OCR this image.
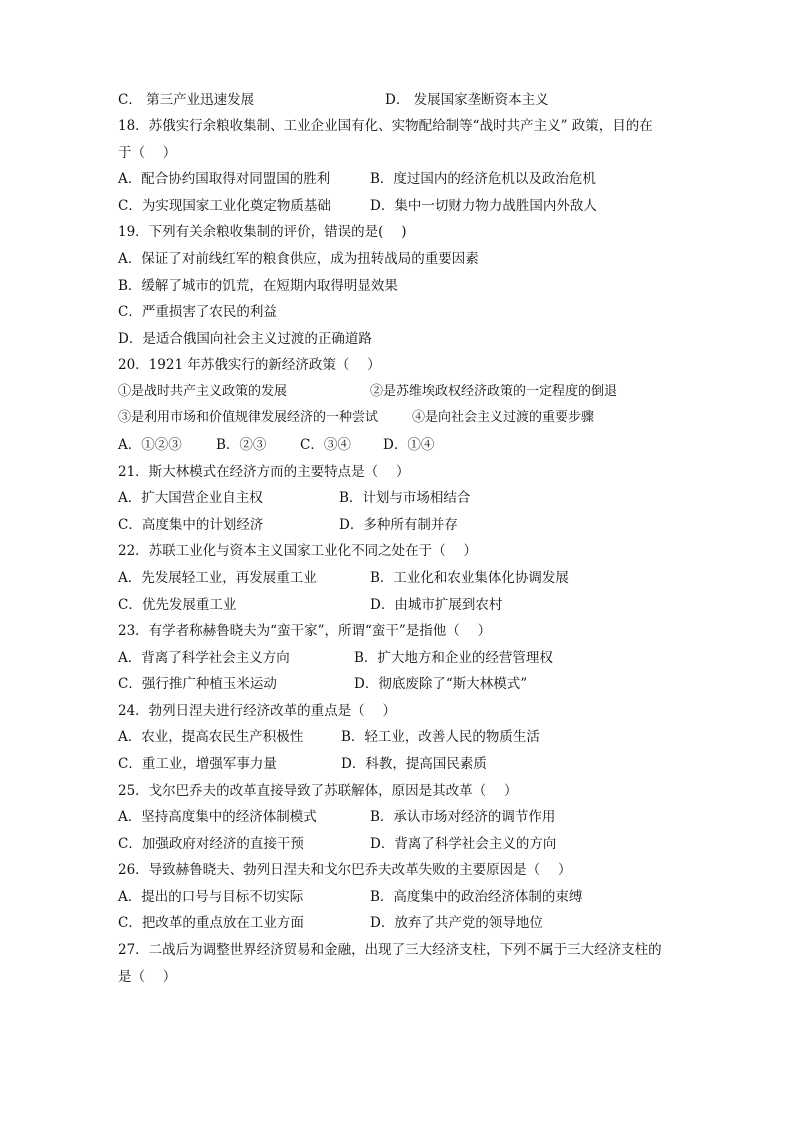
C． 第三产业迅速发展	D． 发展国家垄断资本主义
18．苏俄实行余粮收集制、工业企业国有化、实物配给制等“战时共产主义” 政策，目的在
于（　 ）
A．配合协约国取得对同盟国的胜利	B．度过国内的经济危机以及政治危机
C．为实现国家工业化奠定物质基础	D．集中一切财力物力战胜国内外敌人
19．下列有关余粮收集制的评价，错误的是(　 )
A．保证了对前线红军的粮食供应，成为扭转战局的重要因素
B．缓解了城市的饥荒，在短期内取得明显效果
C．严重损害了农民的利益
D．是适合俄国向社会主义过渡的正确道路
20．1921 年苏俄实行的新经济政策（　 ）
①是战时共产主义政策的发展	②是苏维埃政权经济政策的一定程度的倒退
③是利用市场和价值规律发展经济的一种尝试	④是向社会主义过渡的重要步骤
A．①②③	B．②③ C．③④ D．①④
21．斯大林模式在经济方而的主要特点是（　 ）
A．扩大国营企业自主权	B．计划与市场相结合
C．高度集中的计划经济	D．多种所有制并存
22．苏联工业化与资本主义国家工业化不同之处在于（　 ）
A．先发展轻工业，再发展重工业	B．工业化和农业集体化协调发展
C．优先发展重工业	D．由城市扩展到农村
23．有学者称赫鲁晓夫为“蛮干家”，所谓“蛮干”是指他（　 ）
A．背离了科学社会主义方向	B．扩大地方和企业的经营管理权
C．强行推广种植玉米运动	D．彻底废除了“斯大林模式”
24．勃列日涅夫进行经济改革的重点是（　 ）
A．农业，提高农民生产积极性	B．轻工业，改善人民的物质生活
C．重工业，增强军事力量	D．科教，提高国民素质
25．戈尔巴乔夫的改革直接导致了苏联解体，原因是其改革（　 ）
A．坚持高度集中的经济体制模式	B．承认市场对经济的调节作用
C．加强政府对经济的直接干预	D．背离了科学社会主义的方向
26．导致赫鲁晓夫、勃列日涅夫和戈尔巴乔夫改革失败的主要原因是（　 ）
A．提出的口号与目标不切实际	B．高度集中的政治经济体制的束缚
C．把改革的重点放在工业方面	D．放弃了共产党的领导地位
27．二战后为调整世界经济贸易和金融，出现了三大经济支柱，下列不属于三大经济支柱的
是（　 ）
